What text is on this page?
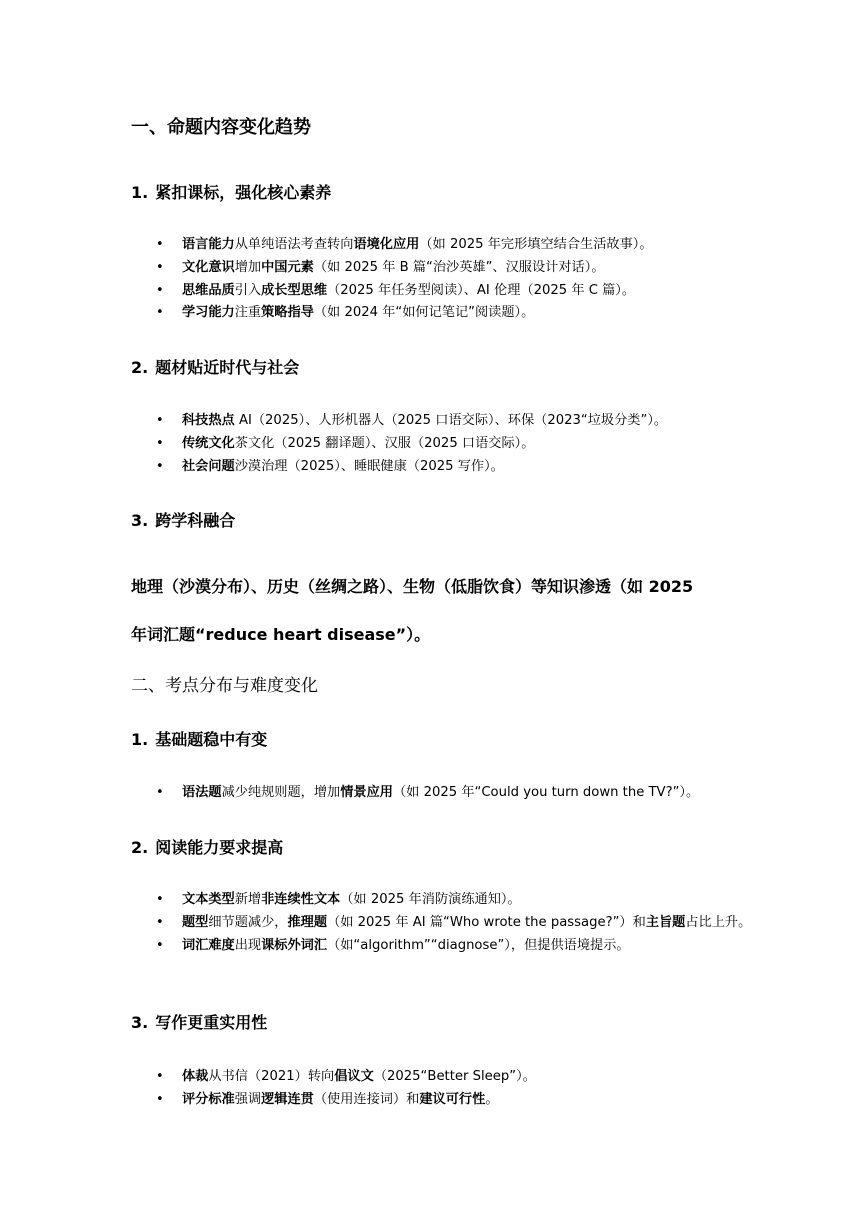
一、命题内容变化趋势
1. 紧扣课标，强化核心素养
• 语言能力从单纯语法考查转向语境化应用（如 2025 年完形填空结合生活故事）。
• 文化意识增加中国元素（如 2025 年 B 篇“治沙英雄”、汉服设计对话）。
• 思维品质引入成长型思维（2025 年任务型阅读）、AI 伦理（2025 年 C 篇）。
• 学习能力注重策略指导（如 2024 年“如何记笔记”阅读题）。
2. 题材贴近时代与社会
• 科技热点 AI（2025）、人形机器人（2025 口语交际）、环保（2023“垃圾分类”）。
• 传统文化茶文化（2025 翻译题）、汉服（2025 口语交际）。
• 社会问题沙漠治理（2025）、睡眠健康（2025 写作）。
3. 跨学科融合
地理（沙漠分布）、历史（丝绸之路）、生物（低脂饮食）等知识渗透（如 2025
年词汇题“reduce heart disease”）。
二、考点分布与难度变化
1. 基础题稳中有变
• 语法题减少纯规则题，增加情景应用（如 2025 年“Could you turn down the TV?”）。
2. 阅读能力要求提高
• 文本类型新增非连续性文本（如 2025 年消防演练通知）。
• 题型细节题减少，推理题（如 2025 年 AI 篇“Who wrote the passage?”）和主旨题占比上升。
• 词汇难度出现课标外词汇（如“algorithm”“diagnose”），但提供语境提示。
3. 写作更重实用性
• 体裁从书信（2021）转向倡议文（2025“Better Sleep”）。
• 评分标准强调逻辑连贯（使用连接词）和建议可行性。
